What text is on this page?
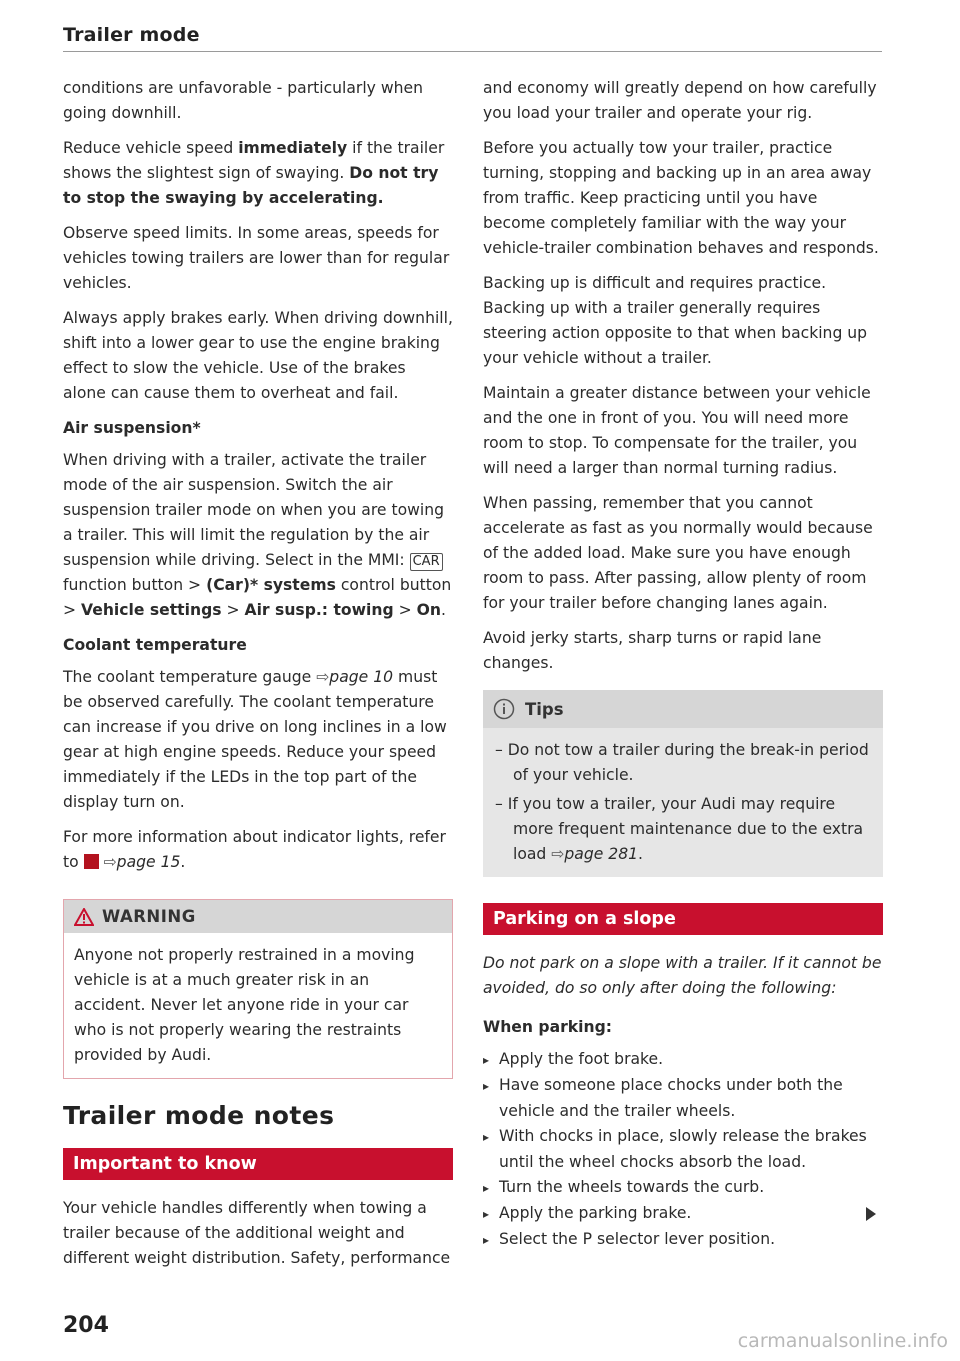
Trailer mode

conditions are unfavorable - particularly when going downhill.

Reduce vehicle speed immediately if the trailer shows the slightest sign of swaying. Do not try to stop the swaying by accelerating.

Observe speed limits. In some areas, speeds for vehicles towing trailers are lower than for regular vehicles.

Always apply brakes early. When driving downhill, shift into a lower gear to use the engine braking effect to slow the vehicle. Use of the brakes alone can cause them to overheat and fail.

Air suspension*

When driving with a trailer, activate the trailer mode of the air suspension. Switch the air suspension trailer mode on when you are towing a trailer. This will limit the regulation by the air suspension while driving. Select in the MMI: CAR function button > (Car)* systems control button > Vehicle settings > Air susp.: towing > On.

Coolant temperature

The coolant temperature gauge ⇨page 10 must be observed carefully. The coolant temperature can increase if you drive on long inclines in a low gear at high engine speeds. Reduce your speed immediately if the LEDs in the top part of the display turn on.

For more information about indicator lights, refer to  ⇨page 15.

WARNING

Anyone not properly restrained in a moving vehicle is at a much greater risk in an accident. Never let anyone ride in your car who is not properly wearing the restraints provided by Audi.

Trailer mode notes
Important to know

Your vehicle handles differently when towing a trailer because of the additional weight and different weight distribution. Safety, performance

and economy will greatly depend on how carefully you load your trailer and operate your rig.

Before you actually tow your trailer, practice turning, stopping and backing up in an area away from traffic. Keep practicing until you have become completely familiar with the way your vehicle-trailer combination behaves and responds.

Backing up is difficult and requires practice. Backing up with a trailer generally requires steering action opposite to that when backing up your vehicle without a trailer.

Maintain a greater distance between your vehicle and the one in front of you. You will need more room to stop. To compensate for the trailer, you will need a larger than normal turning radius.

When passing, remember that you cannot accelerate as fast as you normally would because of the added load. Make sure you have enough room to pass. After passing, allow plenty of room for your trailer before changing lanes again.

Avoid jerky starts, sharp turns or rapid lane changes.

Tips
– Do not tow a trailer during the break-in period of your vehicle.
– If you tow a trailer, your Audi may require more frequent maintenance due to the extra load ⇨page 281.
Parking on a slope
Do not park on a slope with a trailer. If it cannot be avoided, do so only after doing the following:
When parking:
▸ Apply the foot brake.
▸ Have someone place chocks under both the vehicle and the trailer wheels.
▸ With chocks in place, slowly release the brakes until the wheel chocks absorb the load.
▸ Turn the wheels towards the curb.
▸ Apply the parking brake.
▸ Select the P selector lever position.
204
carmanualsonline.info
